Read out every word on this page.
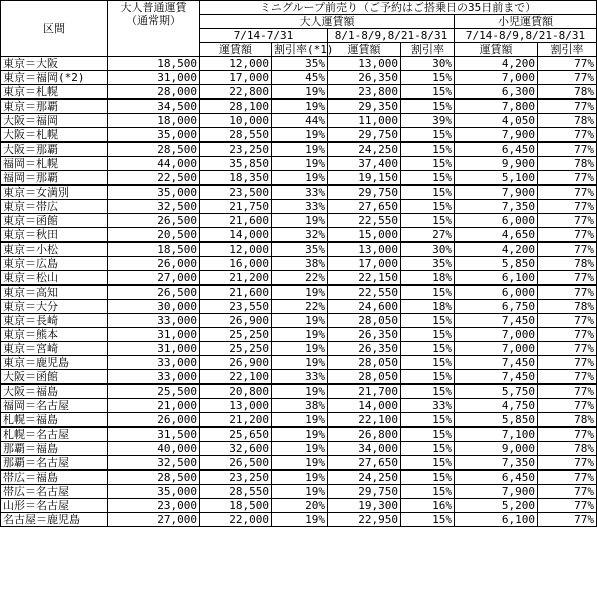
区間	大人普通運賃
（通常期）	ミニグループ前売り（ご予約はご搭乗日の35日前まで）					
		大人運賃額				小児運賃額	
		7/14-7/31		8/1-8/9,8/21-8/31		7/14-8/9,8/21-8/31	
		運賃額	割引率(*1)	運賃額	割引率	運賃額	割引率
東京＝大阪	18,500	12,000	35%	13,000	30%	4,200	77%
東京＝福岡(*2)	31,000	17,000	45%	26,350	15%	7,000	77%
東京＝札幌	28,000	22,800	19%	23,800	15%	6,300	78%
東京＝那覇	34,500	28,100	19%	29,350	15%	7,800	77%
大阪＝福岡	18,000	10,000	44%	11,000	39%	4,050	78%
大阪＝札幌	35,000	28,550	19%	29,750	15%	7,900	77%
大阪＝那覇	28,500	23,250	19%	24,250	15%	6,450	77%
福岡＝札幌	44,000	35,850	19%	37,400	15%	9,900	78%
福岡＝那覇	22,500	18,350	19%	19,150	15%	5,100	77%
東京＝女満別	35,000	23,500	33%	29,750	15%	7,900	77%
東京＝帯広	32,500	21,750	33%	27,650	15%	7,350	77%
東京＝函館	26,500	21,600	19%	22,550	15%	6,000	77%
東京＝秋田	20,500	14,000	32%	15,000	27%	4,650	77%
東京＝小松	18,500	12,000	35%	13,000	30%	4,200	77%
東京＝広島	26,000	16,000	38%	17,000	35%	5,850	78%
東京＝松山	27,000	21,200	22%	22,150	18%	6,100	77%
東京＝高知	26,500	21,600	19%	22,550	15%	6,000	77%
東京＝大分	30,000	23,550	22%	24,600	18%	6,750	78%
東京＝長崎	33,000	26,900	19%	28,050	15%	7,450	77%
東京＝熊本	31,000	25,250	19%	26,350	15%	7,000	77%
東京＝宮崎	31,000	25,250	19%	26,350	15%	7,000	77%
東京＝鹿児島	33,000	26,900	19%	28,050	15%	7,450	77%
大阪＝函館	33,000	22,100	33%	28,050	15%	7,450	77%
大阪＝福島	25,500	20,800	19%	21,700	15%	5,750	77%
福岡＝名古屋	21,000	13,000	38%	14,000	33%	4,750	77%
札幌＝福島	26,000	21,200	19%	22,100	15%	5,850	78%
札幌＝名古屋	31,500	25,650	19%	26,800	15%	7,100	77%
那覇＝福島	40,000	32,600	19%	34,000	15%	9,000	78%
那覇＝名古屋	32,500	26,500	19%	27,650	15%	7,350	77%
帯広＝福島	28,500	23,250	19%	24,250	15%	6,450	77%
帯広＝名古屋	35,000	28,550	19%	29,750	15%	7,900	77%
山形＝名古屋	23,000	18,500	20%	19,300	16%	5,200	77%
名古屋＝鹿児島	27,000	22,000	19%	22,950	15%	6,100	77%
